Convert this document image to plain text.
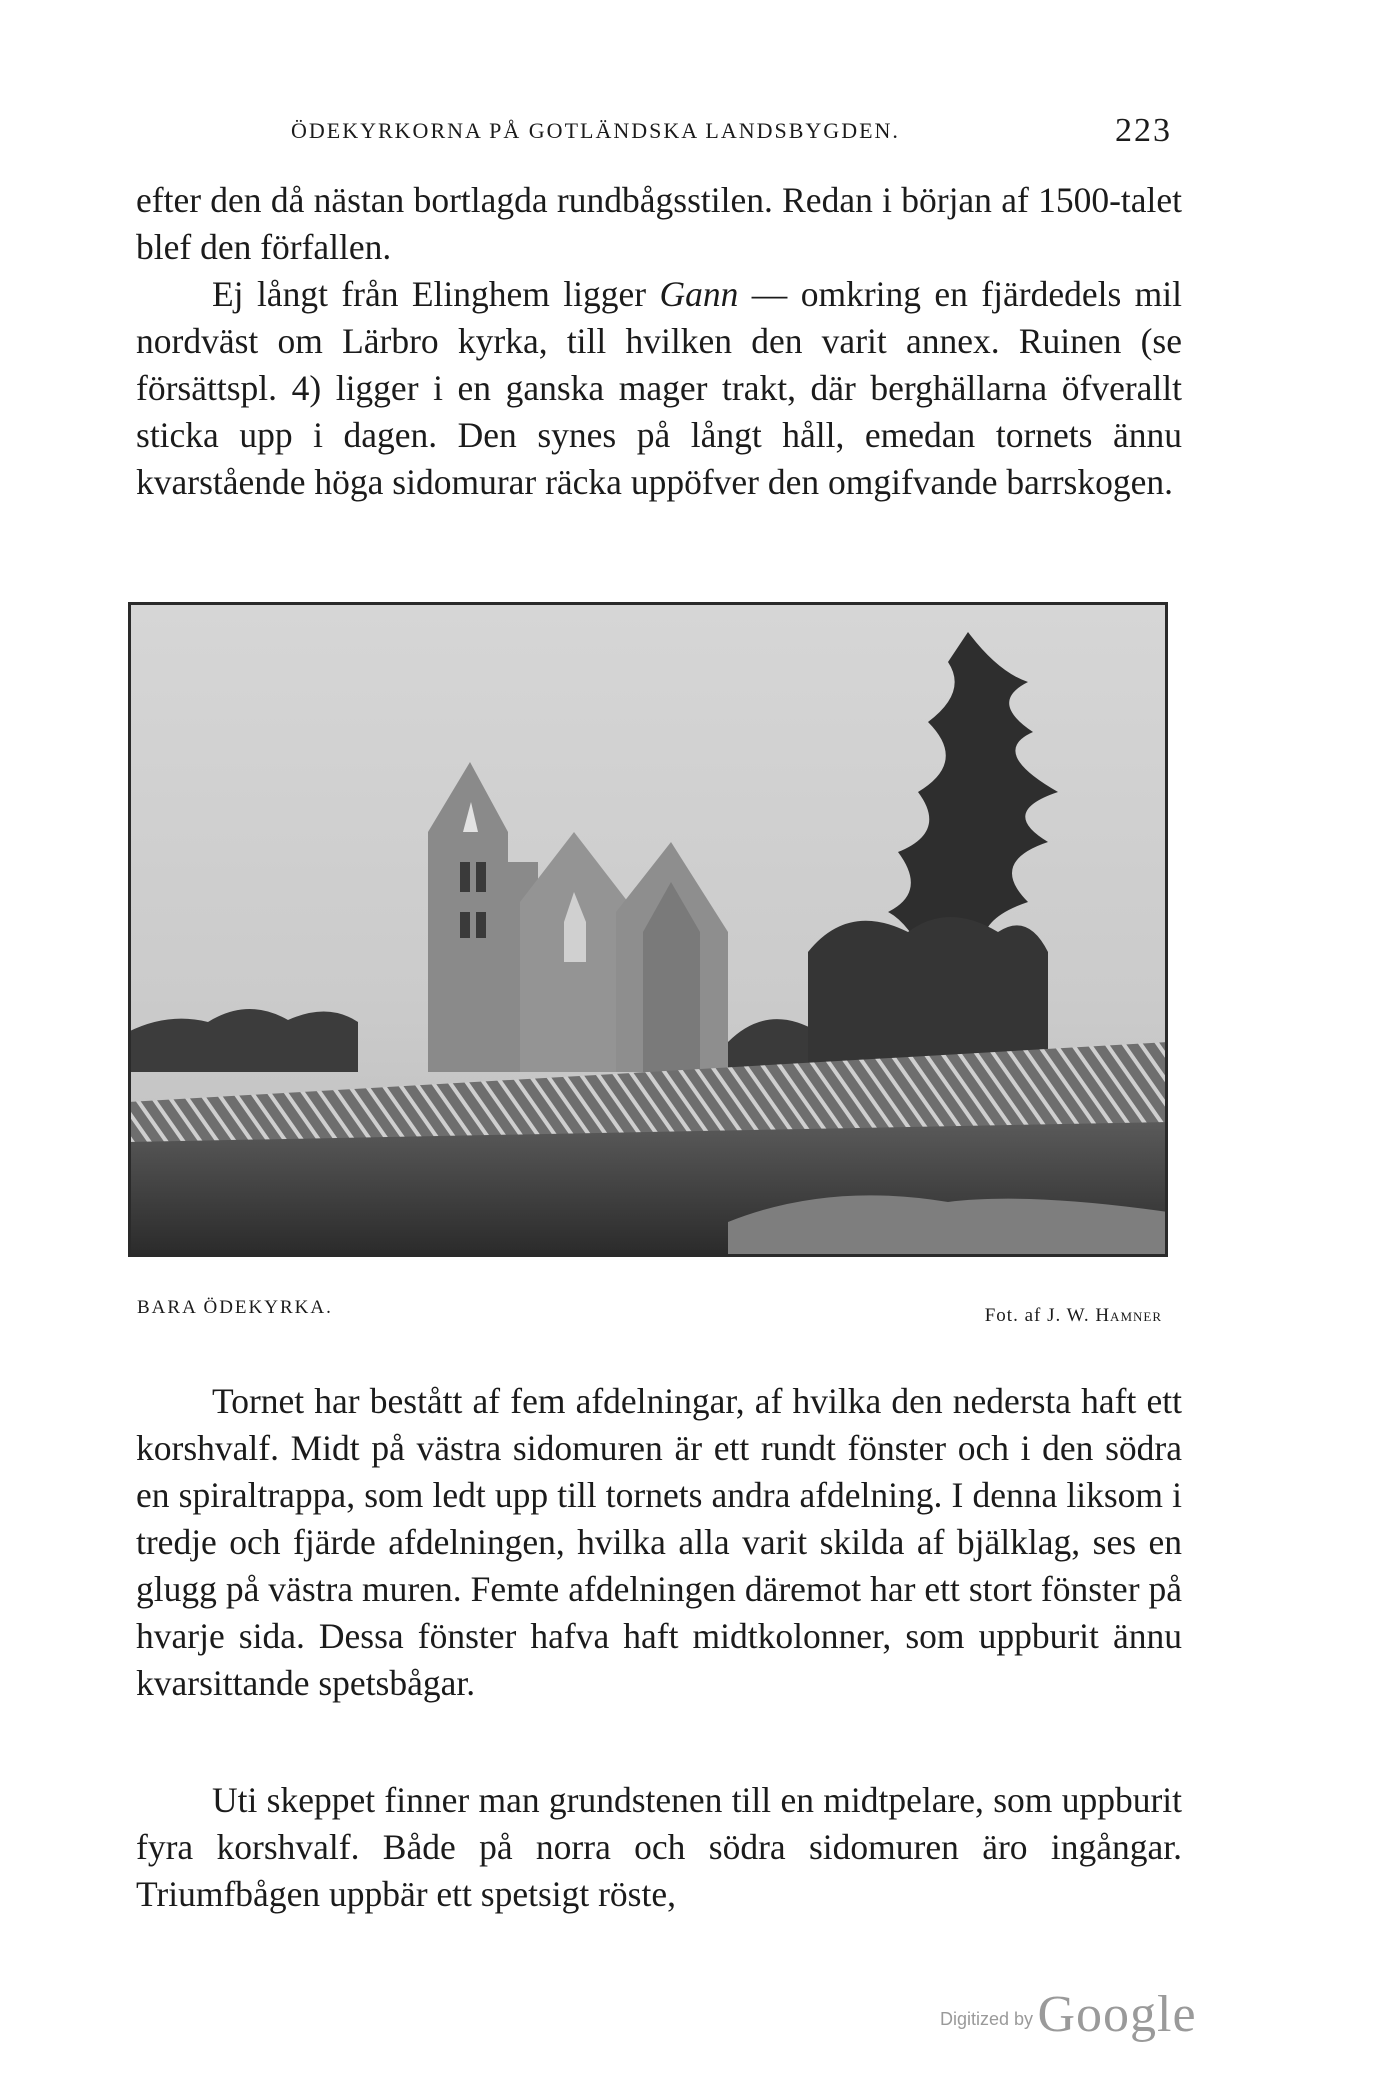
ÖDEKYRKORNA PÅ GOTLÄNDSKA LANDSBYGDEN.	223

efter den då nästan bortlagda rundbågsstilen. Redan i början af 1500-talet blef den förfallen.

Ej långt från Elinghem ligger Gann — omkring en fjärdedels mil nordväst om Lärbro kyrka, till hvilken den varit annex. Ruinen (se försättspl. 4) ligger i en ganska mager trakt, där berghällarna öfverallt sticka upp i dagen. Den synes på långt håll, emedan tornets ännu kvarstående höga sidomurar räcka uppöfver den omgifvande barrskogen.

BARA ÖDEKYRKA.	Fot. af J. W. Hamner

Tornet har bestått af fem afdelningar, af hvilka den nedersta haft ett korshvalf. Midt på västra sidomuren är ett rundt fönster och i den södra en spiraltrappa, som ledt upp till tornets andra afdelning. I denna liksom i tredje och fjärde afdelningen, hvilka alla varit skilda af bjälklag, ses en glugg på västra muren. Femte afdelningen däremot har ett stort fönster på hvarje sida. Dessa fönster hafva haft midtkolonner, som uppburit ännu kvarsittande spetsbågar.

Uti skeppet finner man grundstenen till en midtpelare, som uppburit fyra korshvalf. Både på norra och södra sidomuren äro ingångar. Triumfbågen uppbär ett spetsigt röste,

Digitized by Google
